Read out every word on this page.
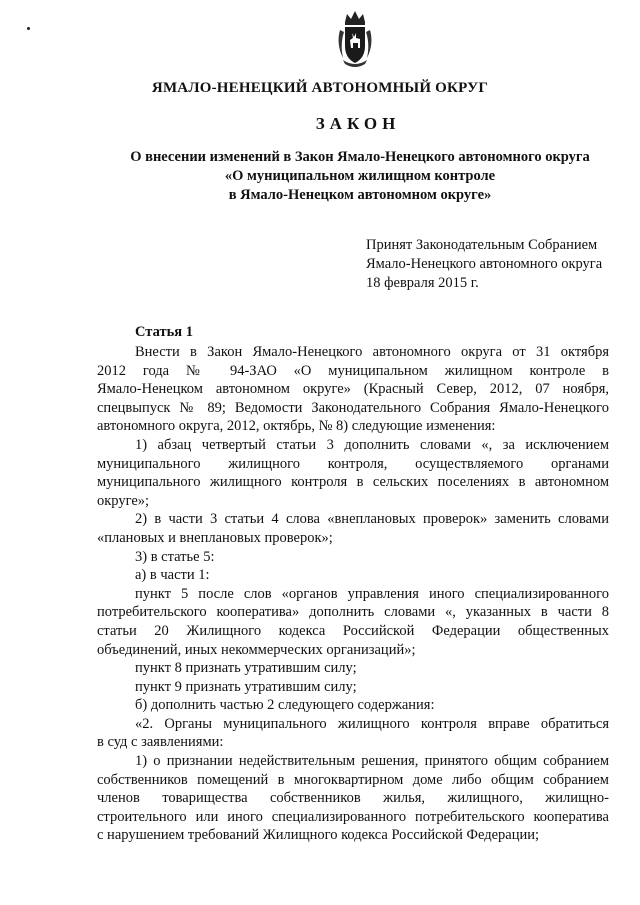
ЯМАЛО-НЕНЕЦКИЙ АВТОНОМНЫЙ ОКРУГ
ЗАКОН
О внесении изменений в Закон Ямало-Ненецкого автономного округа
«О муниципальном жилищном контроле
в Ямало-Ненецком автономном округе»
Принят Законодательным Собранием
Ямало-Ненецкого автономного округа
18 февраля 2015 г.
Статья 1
Внести в Закон Ямало-Ненецкого автономного округа от 31 октября
2012 года № 94-ЗАО «О муниципальном жилищном контроле в
Ямало-Ненецком автономном округе» (Красный Север, 2012, 07 ноября,
спецвыпуск № 89; Ведомости Законодательного Собрания Ямало-Ненецкого
автономного округа, 2012, октябрь, № 8) следующие изменения:
1) абзац четвертый статьи 3 дополнить словами «, за исключением
муниципального жилищного контроля, осуществляемого органами
муниципального жилищного контроля в сельских поселениях в автономном
округе»;
2) в части 3 статьи 4 слова «внеплановых проверок» заменить словами
«плановых и внеплановых проверок»;
3) в статье 5:
а) в части 1:
пункт 5 после слов «органов управления иного специализированного
потребительского кооператива» дополнить словами «, указанных в части 8
статьи 20 Жилищного кодекса Российской Федерации общественных
объединений, иных некоммерческих организаций»;
пункт 8 признать утратившим силу;
пункт 9 признать утратившим силу;
б) дополнить частью 2 следующего содержания:
«2. Органы муниципального жилищного контроля вправе обратиться
в суд с заявлениями:
1) о признании недействительным решения, принятого общим собранием
собственников помещений в многоквартирном доме либо общим собранием
членов товарищества собственников жилья, жилищного, жилищно-
строительного или иного специализированного потребительского кооператива
с нарушением требований Жилищного кодекса Российской Федерации;
